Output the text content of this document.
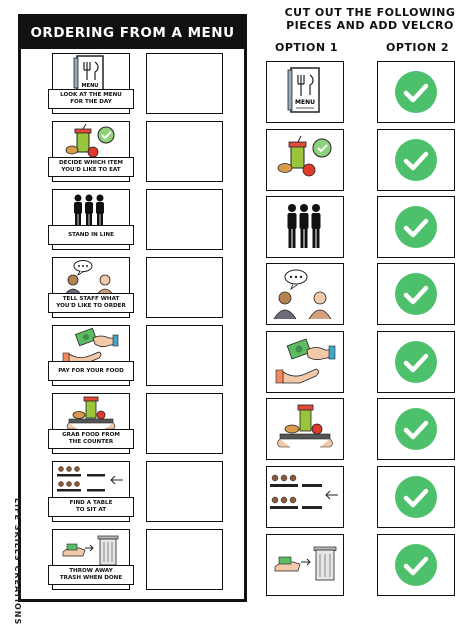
ORDERING FROM A MENU
LIFE SKILLS CREATIONS
MENU
LOOK AT THE MENU
FOR THE DAY
DECIDE WHICH ITEM
YOU'D LIKE TO EAT
STAND IN LINE
TELL STAFF WHAT
YOU'D LIKE TO ORDER
PAY FOR YOUR FOOD
GRAB FOOD FROM
THE COUNTER
FIND A TABLE
TO SIT AT
THROW AWAY
TRASH WHEN DONE
CUT OUT THE FOLLOWING PIECES AND ADD VELCRO
OPTION 1	OPTION 2
MENU
